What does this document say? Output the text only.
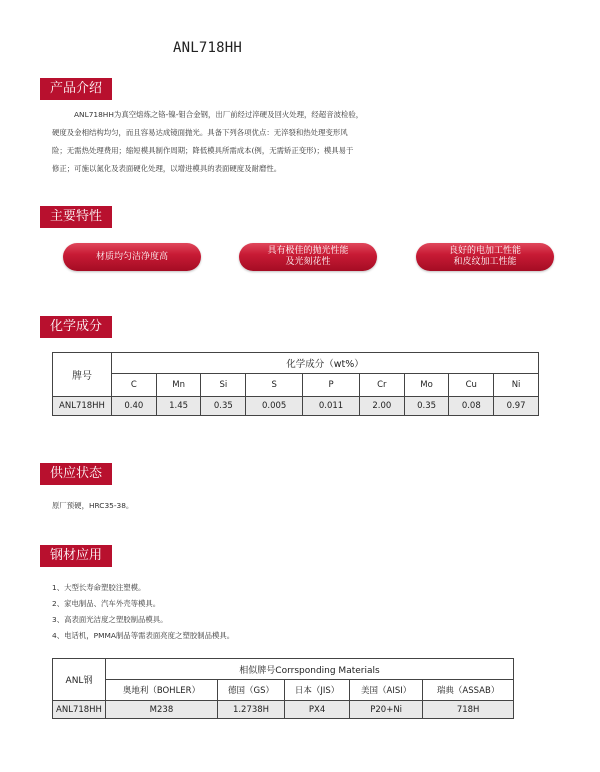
ANL718HH
产品介绍
ANL718HH为真空熔炼之铬-镍-钼合金钢，出厂前经过淬硬及回火处理，经超音波检验，
硬度及金相结构均匀，而且容易达成镜面抛光。具备下列各项优点：无淬裂和热处理变形风
险；无需热处理费用；缩短模具制作周期；降低模具所需成本(例，无需矫正变形)；模具易于
修正；可施以氮化及表面硬化处理，以增进模具的表面硬度及耐磨性。
主要特性
材质均匀洁净度高
具有极佳的抛光性能
及光刻花性
良好的电加工性能
和皮纹加工性能
化学成分
牌号	化学成分（wt%）								
	C	Mn	Si	S	P	Cr	Mo	Cu	Ni
ANL718HH	0.40	1.45	0.35	0.005	0.011	2.00	0.35	0.08	0.97
供应状态
原厂预硬，HRC35-38。
钢材应用
1、大型长寿命塑胶注塑模。
2、家电制品、汽车外壳等模具。
3、高表面光洁度之塑胶制品模具。
4、电话机，PMMA制品等需表面亮度之塑胶制品模具。
ANL钢	相似牌号Corrsponding Materials				
	奥地利（BOHLER）	德国（GS）	日本（JIS）	美国（AISI）	瑞典（ASSAB）
ANL718HH	M238	1.2738H	PX4	P20+Ni	718H
